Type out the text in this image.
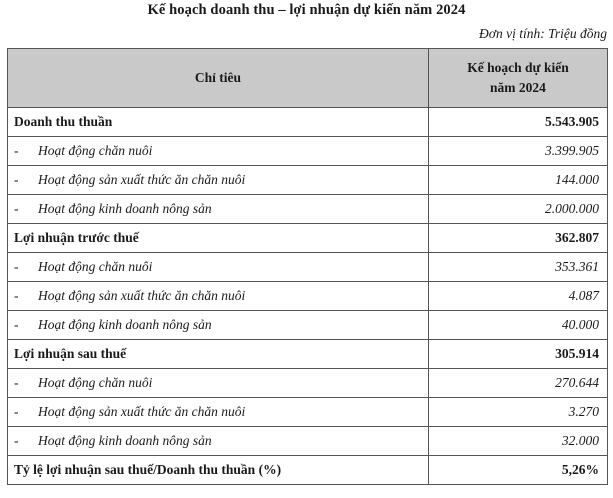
Kế hoạch doanh thu – lợi nhuận dự kiến năm 2024
Đơn vị tính: Triệu đồng
Chỉ tiêu	Kế hoạch dự kiến
năm 2024

Doanh thu thuần	5.543.905
- Hoạt động chăn nuôi	3.399.905
- Hoạt động sản xuất thức ăn chăn nuôi	144.000
- Hoạt động kinh doanh nông sản	2.000.000
Lợi nhuận trước thuế	362.807
- Hoạt động chăn nuôi	353.361
- Hoạt động sản xuất thức ăn chăn nuôi	4.087
- Hoạt động kinh doanh nông sản	40.000
Lợi nhuận sau thuế	305.914
- Hoạt động chăn nuôi	270.644
- Hoạt động sản xuất thức ăn chăn nuôi	3.270
- Hoạt động kinh doanh nông sản	32.000
Tỷ lệ lợi nhuận sau thuế/Doanh thu thuần (%)	5,26%
